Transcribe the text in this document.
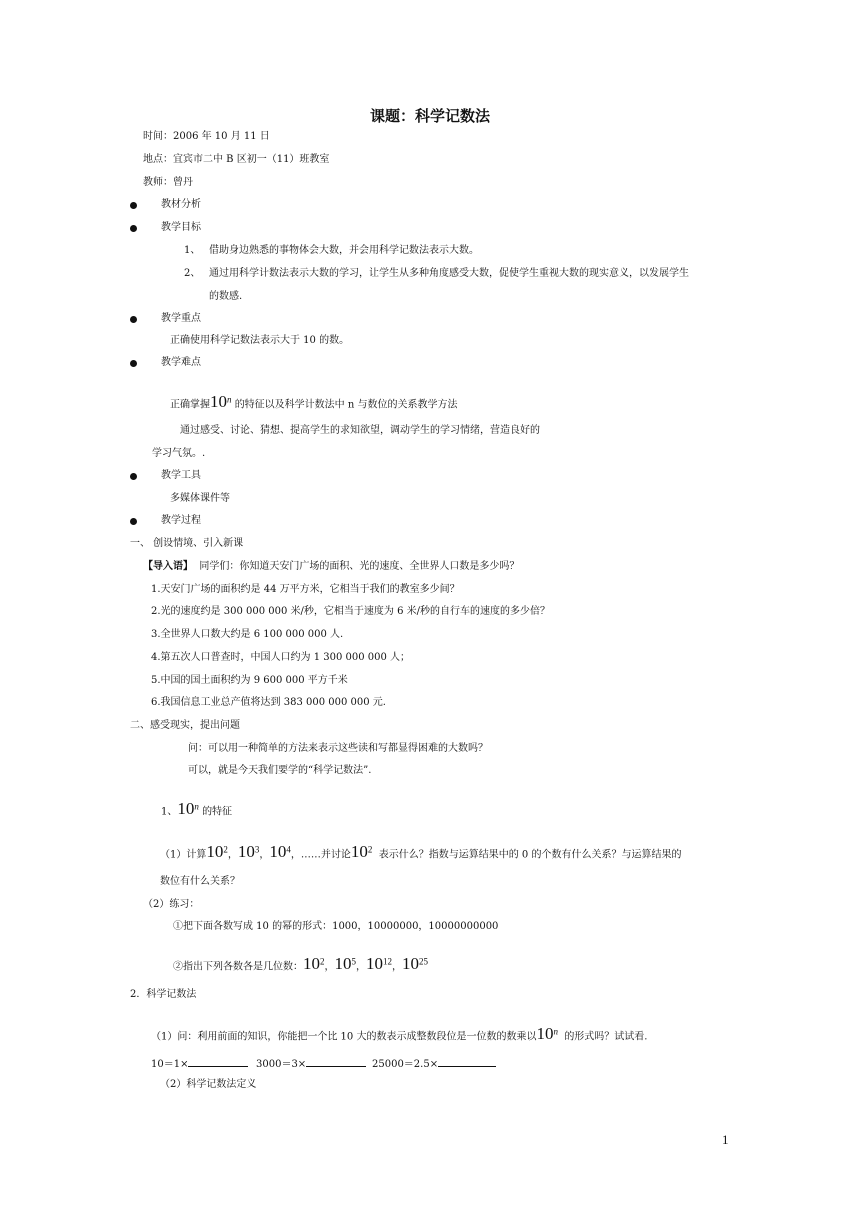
课题：科学记数法
时间：2006 年 10 月 11 日
地点：宜宾市二中 B 区初一（11）班教室
教师：曾丹
教材分析
教学目标
1、 借助身边熟悉的事物体会大数，并会用科学记数法表示大数。
2、 通过用科学计数法表示大数的学习，让学生从多种角度感受大数，促使学生重视大数的现实意义，以发展学生
的数感.
教学重点
正确使用科学记数法表示大于 10 的数。
教学难点
正确掌握10$^n$ 的特征以及科学计数法中 n 与数位的关系教学方法
通过感受、讨论、猜想、提高学生的求知欲望，调动学生的学习情绪，营造良好的
学习气氛。.
教学工具
多媒体课件等
教学过程
一、 创设情境、引入新课
【导入语】 同学们：你知道天安门广场的面积、光的速度、全世界人口数是多少吗？
1.天安门广场的面积约是 44 万平方米，它相当于我们的教室多少间？
2.光的速度约是 300 000 000 米/秒，它相当于速度为 6 米/秒的自行车的速度的多少倍？
3.全世界人口数大约是 6 100 000 000 人.
4.第五次人口普查时，中国人口约为 1 300 000 000 人；
5.中国的国土面积约为 9 600 000 平方千米
6.我国信息工业总产值将达到 383 000 000 000 元.
二、感受现实，提出问题
问：可以用一种简单的方法来表示这些读和写都显得困难的大数吗？
可以，就是今天我们要学的“科学记数法”.
1、10$^n$ 的特征
（1）计算$10^2$，$10^3$，$10^4$，……并讨论$10^2$ 表示什么？指数与运算结果中的 0 的个数有什么关系？与运算结果的
数位有什么关系？
（2）练习：
①把下面各数写成 10 的幂的形式：1000，10000000，10000000000
②指出下列各数各是几位数：$10^2$，$10^5$，$10^{12}$，$10^{25}$
2．科学记数法
（1）问：利用前面的知识，你能把一个比 10 大的数表示成整数段位是一位数的数乘以10$^n$ 的形式吗？试试看.
10＝1×	3000＝3×	25000＝2.5×
（2）科学记数法定义
1
